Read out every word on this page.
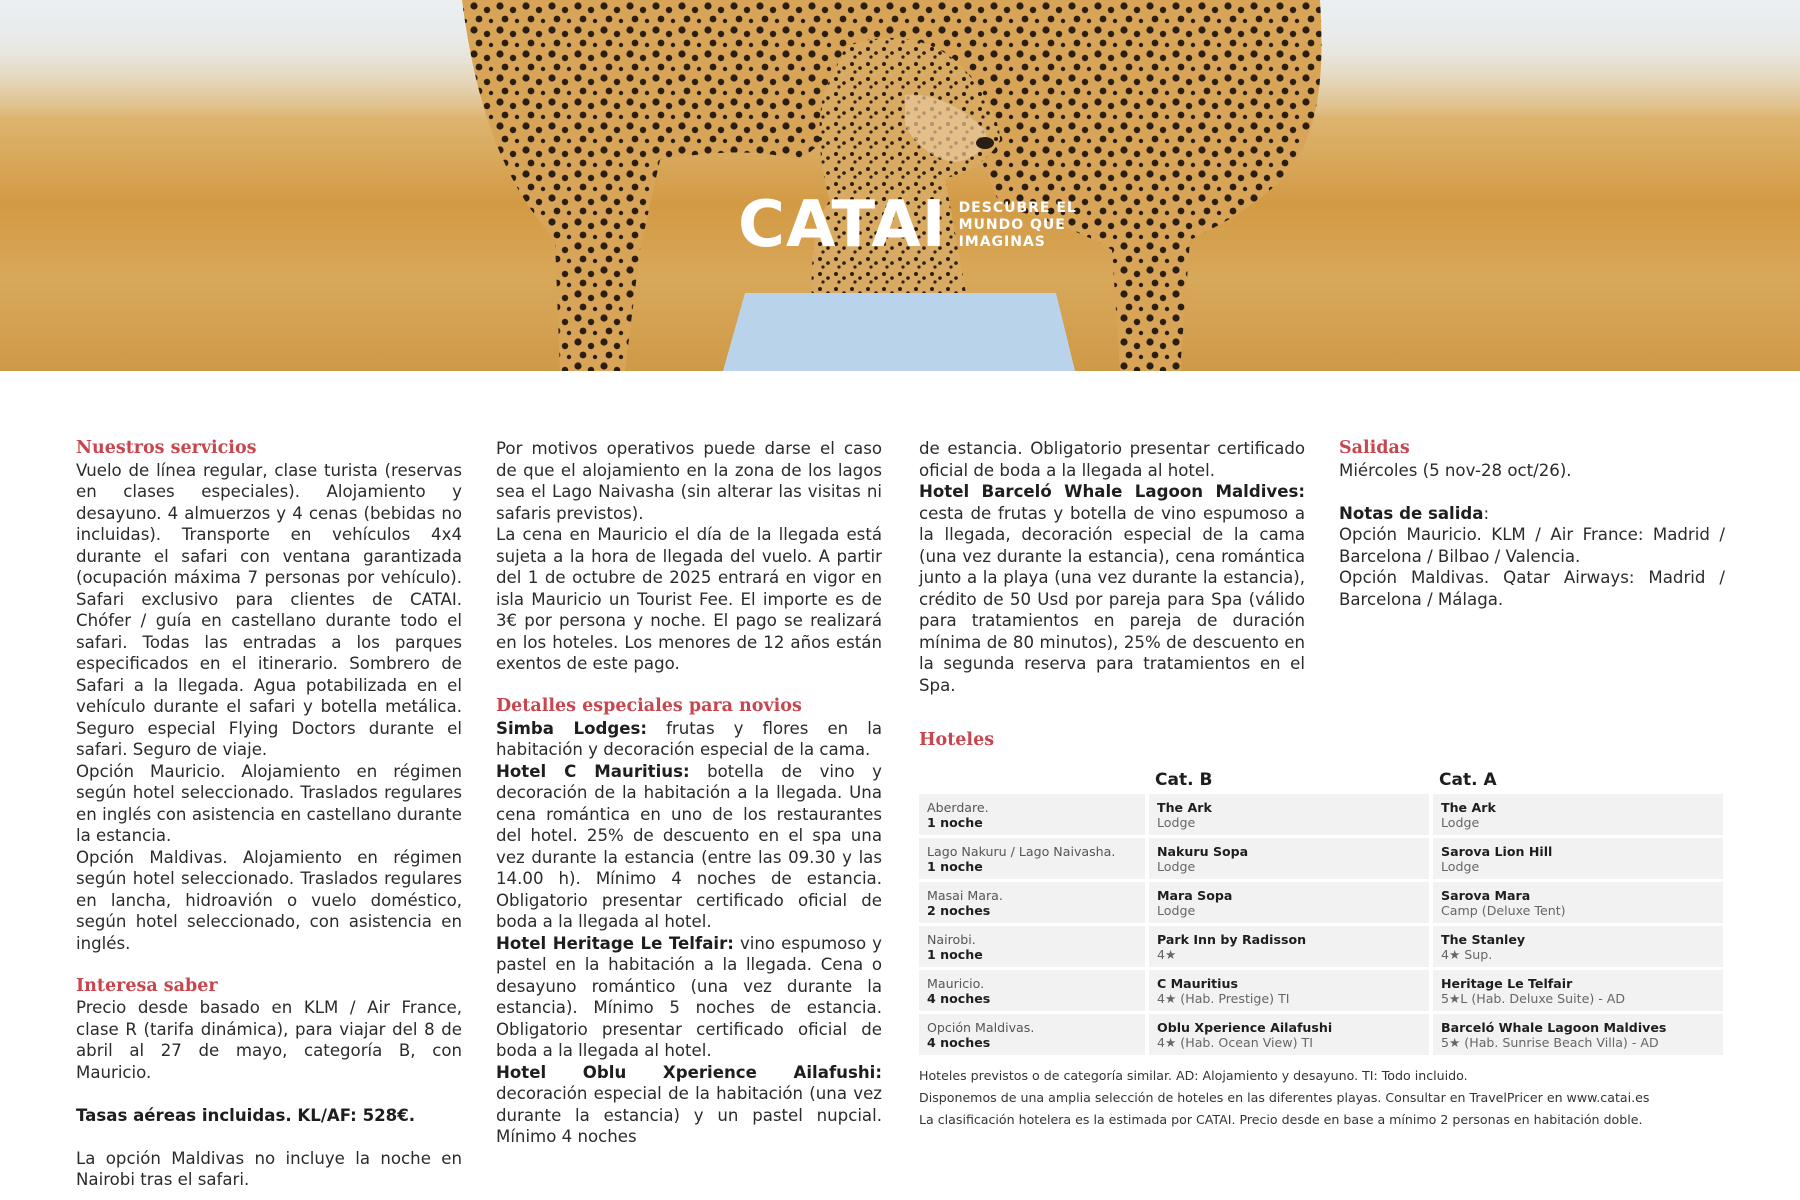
CATAI DESCUBRE EL MUNDO QUE IMAGINAS
Nuestros servicios

Vuelo de línea regular, clase turista (reservas en clases especiales). Alojamiento y desayuno. 4 almuerzos y 4 cenas (bebidas no incluidas). Transporte en vehículos 4x4 durante el safari con ventana garantizada (ocupación máxima 7 personas por vehículo). Safari exclusivo para clientes de CATAI. Chófer / guía en castellano durante todo el safari. Todas las entradas a los parques especificados en el itinerario. Sombrero de Safari a la llegada. Agua potabilizada en el vehículo durante el safari y botella metálica. Seguro especial Flying Doctors durante el safari. Seguro de viaje.

Opción Mauricio. Alojamiento en régimen según hotel seleccionado. Traslados regulares en inglés con asistencia en castellano durante la estancia.

Opción Maldivas. Alojamiento en régimen según hotel seleccionado. Traslados regulares en lancha, hidroavión o vuelo doméstico, según hotel seleccionado, con asistencia en inglés.

Interesa saber

Precio desde basado en KLM / Air France, clase R (tarifa dinámica), para viajar del 8 de abril al 27 de mayo, categoría B, con Mauricio.

Tasas aéreas incluidas. KL/AF: 528€.

La opción Maldivas no incluye la noche en Nairobi tras el safari.

Por motivos operativos puede darse el caso de que el alojamiento en la zona de los lagos sea el Lago Naivasha (sin alterar las visitas ni safaris previstos).

La cena en Mauricio el día de la llegada está sujeta a la hora de llegada del vuelo. A partir del 1 de octubre de 2025 entrará en vigor en isla Mauricio un Tourist Fee. El importe es de 3€ por persona y noche. El pago se realizará en los hoteles. Los menores de 12 años están exentos de este pago.

Detalles especiales para novios

Simba Lodges: frutas y flores en la habitación y decoración especial de la cama.

Hotel C Mauritius: botella de vino y decoración de la habitación a la llegada. Una cena romántica en uno de los restaurantes del hotel. 25% de descuento en el spa una vez durante la estancia (entre las 09.30 y las 14.00 h). Mínimo 4 noches de estancia. Obligatorio presentar certificado oficial de boda a la llegada al hotel.

Hotel Heritage Le Telfair: vino espumoso y pastel en la habitación a la llegada. Cena o desayuno romántico (una vez durante la estancia). Mínimo 5 noches de estancia. Obligatorio presentar certificado oficial de boda a la llegada al hotel.

Hotel Oblu Xperience Ailafushi: decoración especial de la habitación (una vez durante la estancia) y un pastel nupcial. Mínimo 4 noches

de estancia. Obligatorio presentar certificado oficial de boda a la llegada al hotel.

Hotel Barceló Whale Lagoon Maldives: cesta de frutas y botella de vino espumoso a la llegada, decoración especial de la cama (una vez durante la estancia), cena romántica junto a la playa (una vez durante la estancia), crédito de 50 Usd por pareja para Spa (válido para tratamientos en pareja de duración mínima de 80 minutos), 25% de descuento en la segunda reserva para tratamientos en el Spa.

Salidas

Miércoles (5 nov-28 oct/26).

Notas de salida:

Opción Mauricio. KLM / Air France: Madrid / Barcelona / Bilbao / Valencia.

Opción Maldivas. Qatar Airways: Madrid / Barcelona / Málaga.

Hoteles
Cat. B	Cat. A
Aberdare.
1 noche
The Ark
Lodge
The Ark
Lodge
Lago Nakuru / Lago Naivasha.
1 noche
Nakuru Sopa
Lodge
Sarova Lion Hill
Lodge
Masai Mara.
2 noches
Mara Sopa
Lodge
Sarova Mara
Camp (Deluxe Tent)
Nairobi.
1 noche
Park Inn by Radisson
4★
The Stanley
4★ Sup.
Mauricio.
4 noches
C Mauritius
4★ (Hab. Prestige) TI
Heritage Le Telfair
5★L (Hab. Deluxe Suite) - AD
Opción Maldivas.
4 noches
Oblu Xperience Ailafushi
4★ (Hab. Ocean View) TI
Barceló Whale Lagoon Maldives
5★ (Hab. Sunrise Beach Villa) - AD
Hoteles previstos o de categoría similar. AD: Alojamiento y desayuno. TI: Todo incluido.
Disponemos de una amplia selección de hoteles en las diferentes playas. Consultar en TravelPricer en www.catai.es
La clasificación hotelera es la estimada por CATAI. Precio desde en base a mínimo 2 personas en habitación doble.
